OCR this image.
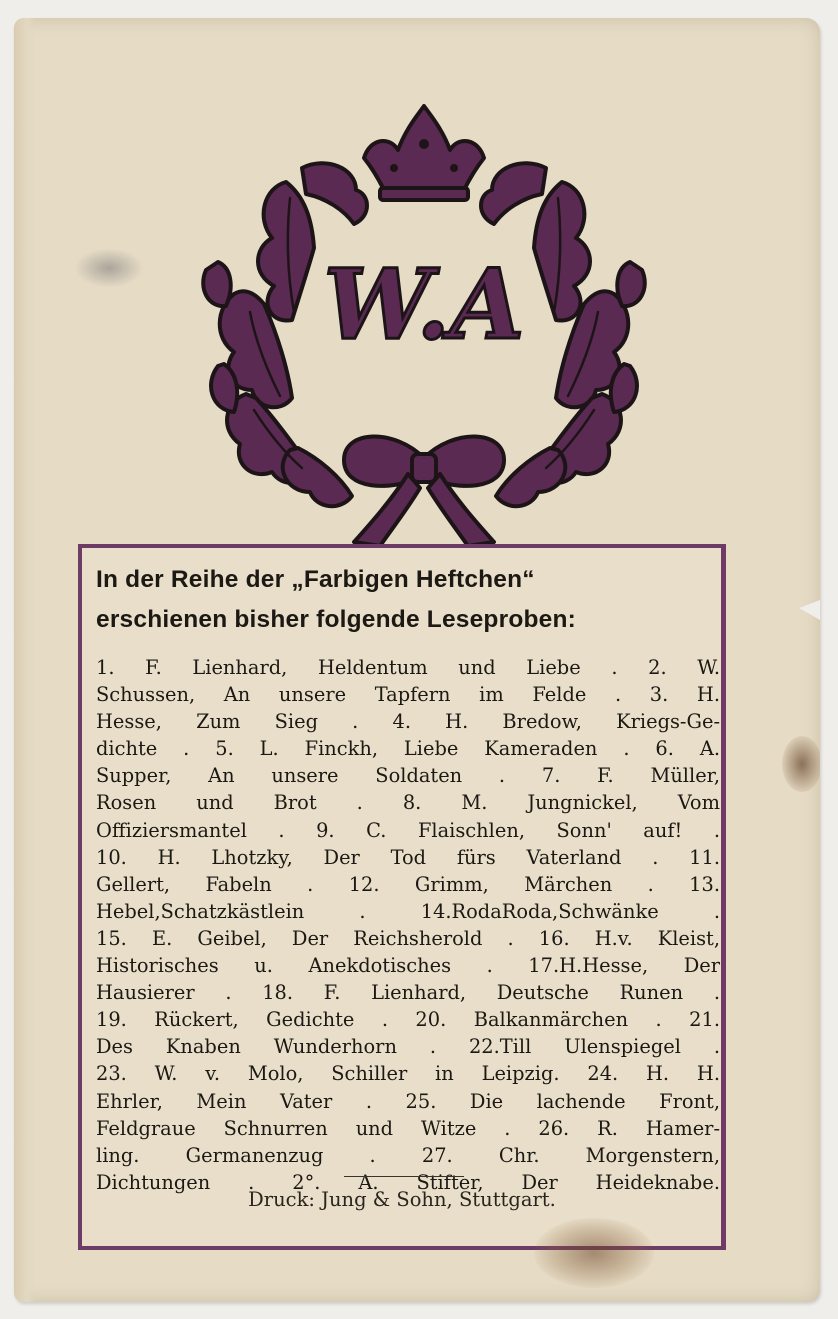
W.A
In der Reihe der „Farbigen Heftchen“
erschienen bisher folgende Leseproben:
1. F. Lienhard, Heldentum und Liebe . 2. W.
Schussen, An unsere Tapfern im Felde . 3. H.
Hesse, Zum Sieg . 4. H. Bredow, Kriegs-Ge-
dichte . 5. L. Finckh, Liebe Kameraden . 6. A.
Supper, An unsere Soldaten . 7. F. Müller,
Rosen und Brot . 8. M. Jungnickel, Vom
Offiziersmantel . 9. C. Flaischlen, Sonn' auf! .
10. H. Lhotzky, Der Tod fürs Vaterland . 11.
Gellert, Fabeln . 12. Grimm, Märchen . 13.
Hebel,Schatzkästlein . 14.RodaRoda,Schwänke .
15. E. Geibel, Der Reichsherold . 16. H.v. Kleist,
Historisches u. Anekdotisches . 17.H.Hesse, Der
Hausierer . 18. F. Lienhard, Deutsche Runen .
19. Rückert, Gedichte . 20. Balkanmärchen . 21.
Des Knaben Wunderhorn . 22.Till Ulenspiegel .
23. W. v. Molo, Schiller in Leipzig. 24. H. H.
Ehrler, Mein Vater . 25. Die lachende Front,
Feldgraue Schnurren und Witze . 26. R. Hamer-
ling. Germanenzug . 27. Chr. Morgenstern,
Dichtungen . 2°. A. Stifter, Der Heideknabe.
Druck: Jung & Sohn, Stuttgart.
